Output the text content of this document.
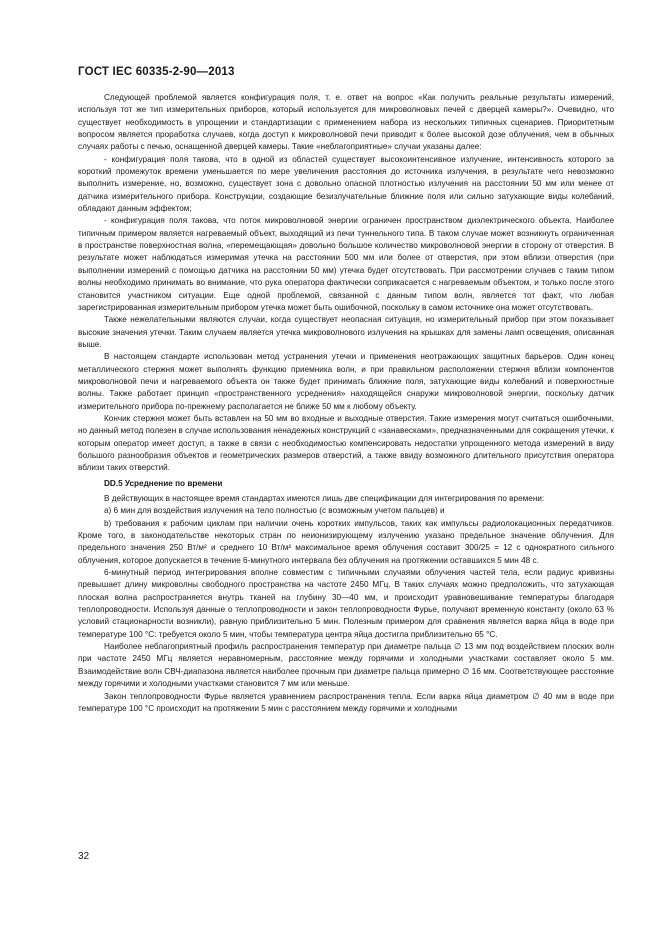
ГОСТ IEC 60335-2-90—2013

Следующей проблемой является конфигурация поля, т. е. ответ на вопрос «Как получить реальные результаты измерений, используя тот же тип измерительных приборов, который используется для микроволновых печей с дверцей камеры?». Очевидно, что существует необходимость в упрощении и стандартизации с применением набора из нескольких типичных сценариев. Приоритетным вопросом является проработка случаев, когда доступ к микроволновой печи приводит к более высокой дозе облучения, чем в обычных случаях работы с печью, оснащенной дверцей камеры. Такие «неблагоприятные» случаи указаны далее:

- конфигурация поля такова, что в одной из областей существует высокоинтенсивное излучение, интенсивность которого за короткий промежуток времени уменьшается по мере увеличения расстояния до источника излучения, в результате чего невозможно выполнить измерение, но, возможно, существует зона с довольно опасной плотностью излучения на расстоянии 50 мм или менее от датчика измерительного прибора. Конструкции, создающие безизлучательные ближние поля или сильно затухающие виды колебаний, обладают данным эффектом;

- конфигурация поля такова, что поток микроволновой энергии ограничен пространством диэлектрического объекта. Наиболее типичным примером является нагреваемый объект, выходящий из печи туннельного типа. В таком случае может возникнуть ограниченная в пространстве поверхностная волна, «перемещающая» довольно большое количество микроволновой энергии в сторону от отверстия. В результате может наблюдаться измеримая утечка на расстоянии 500 мм или более от отверстия, при этом вблизи отверстия (при выполнении измерений с помощью датчика на расстоянии 50 мм) утечка будет отсутствовать. При рассмотрении случаев с таким типом волны необходимо принимать во внимание, что рука оператора фактически соприкасается с нагреваемым объектом, и только после этого становится участником ситуации. Еще одной проблемой, связанной с данным типом волн, является тот факт, что любая зарегистрированная измерительным прибором утечка может быть ошибочной, поскольку в самом источнике она может отсутствовать.

Также нежелательными являются случаи, когда существует неопасная ситуация, но измерительный прибор при этом показывает высокие значения утечки. Таким случаем является утечка микроволнового излучения на крышках для замены ламп освещения, описанная выше.

В настоящем стандарте использован метод устранения утечки и применения неотражающих защитных барьеров. Один конец металлического стержня может выполнять функцию приемника волн, и при правильном расположении стержня вблизи компонентов микроволновой печи и нагреваемого объекта он также будет принимать ближние поля, затухающие виды колебаний и поверхностные волны. Также работает принцип «пространственного усреднения» находящейся снаружи микроволновой энергии, поскольку датчик измерительного прибора по-прежнему располагается не ближе 50 мм к любому объекту.

Кончик стержня может быть вставлен на 50 мм во входные и выходные отверстия. Такие измерения могут считаться ошибочными, но данный метод полезен в случае использования ненадежных конструкций с «занавесками», предназначенными для сокращения утечки, к которым оператор имеет доступ, а также в связи с необходимостью компенсировать недостатки упрощенного метода измерений в виду большого разнообразия объектов и геометрических размеров отверстий, а также ввиду возможного длительного присутствия оператора вблизи таких отверстий.

DD.5 Усреднение по времени

В действующих в настоящее время стандартах имеются лишь две спецификации для интегрирования по времени:

a) 6 мин для воздействия излучения на тело полностью (с возможным учетом пальцев) и

b) требования к рабочим циклам при наличии очень коротких импульсов, таких как импульсы радиолокационных передатчиков. Кроме того, в законодательстве некоторых стран по неионизирующему излучению указано предельное значение облучения. Для предельного значения 250 Вт/м² и среднего 10 Вт/м² максимальное время облучения составит 300/25 = 12 с однократного сильного облучения, которое допускается в течение 6-минутного интервала без облучения на протяжении оставшихся 5 мин 48 с.

6-минутный период интегрирования вполне совместим с типичными случаями облучения частей тела, если радиус кривизны превышает длину микроволны свободного пространства на частоте 2450 МГц. В таких случаях можно предположить, что затухающая плоская волна распространяется внутрь тканей на глубину 30—40 мм, и происходит уравновешивание температуры благодаря теплопроводности. Используя данные о теплопроводности и закон теплопроводности Фурье, получают временную константу (около 63 % условий стационарности возникли), равную приблизительно 5 мин. Полезным примером для сравнения является варка яйца в воде при температуре 100 °C: требуется около 5 мин, чтобы температура центра яйца достигла приблизительно 65 °C.

Наиболее неблагоприятный профиль распространения температур при диаметре пальца ∅ 13 мм под воздействием плоских волн при частоте 2450 МГц является неравномерным, расстояние между горячими и холодными участками составляет около 5 мм. Взаимодействие волн СВЧ-диапазона является наиболее прочным при диаметре пальца примерно ∅ 16 мм. Соответствующее расстояние между горячими и холодными участками становится 7 мм или меньше.

Закон теплопроводности Фурье является уравнением распространения тепла. Если варка яйца диаметром ∅ 40 мм в воде при температуре 100 °C происходит на протяжении 5 мин с расстоянием между горячими и холодными

32
